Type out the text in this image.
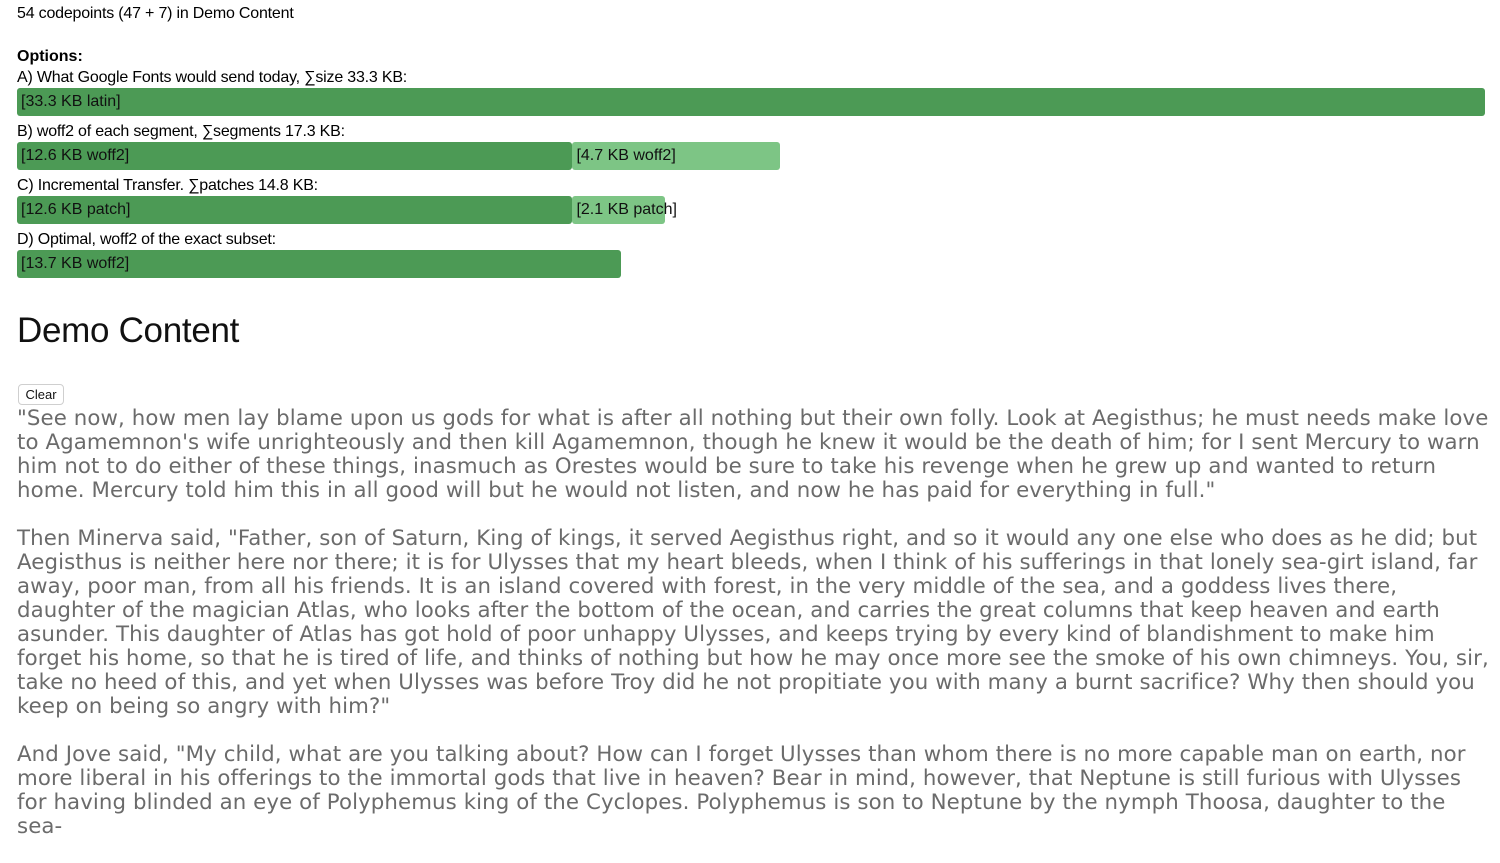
54 codepoints (47 + 7) in Demo Content
Options:
A) What Google Fonts would send today, ∑size 33.3 KB:
[33.3 KB latin]
B) woff2 of each segment, ∑segments 17.3 KB:
[12.6 KB woff2]	[4.7 KB woff2]
C) Incremental Transfer. ∑patches 14.8 KB:
[12.6 KB patch]	[2.1 KB patch]
D) Optimal, woff2 of the exact subset:
[13.7 KB woff2]
Demo Content
Clear

"See now, how men lay blame upon us gods for what is after all nothing but their own folly. Look at Aegisthus; he must needs make love to Agamemnon's wife unrighteously and then kill Agamemnon, though he knew it would be the death of him; for I sent Mercury to warn him not to do either of these things, inasmuch as Orestes would be sure to take his revenge when he grew up and wanted to return home. Mercury told him this in all good will but he would not listen, and now he has paid for everything in full."

Then Minerva said, "Father, son of Saturn, King of kings, it served Aegisthus right, and so it would any one else who does as he did; but Aegisthus is neither here nor there; it is for Ulysses that my heart bleeds, when I think of his sufferings in that lonely sea-girt island, far away, poor man, from all his friends. It is an island covered with forest, in the very middle of the sea, and a goddess lives there, daughter of the magician Atlas, who looks after the bottom of the ocean, and carries the great columns that keep heaven and earth asunder. This daughter of Atlas has got hold of poor unhappy Ulysses, and keeps trying by every kind of blandishment to make him forget his home, so that he is tired of life, and thinks of nothing but how he may once more see the smoke of his own chimneys. You, sir, take no heed of this, and yet when Ulysses was before Troy did he not propitiate you with many a burnt sacrifice? Why then should you keep on being so angry with him?"

And Jove said, "My child, what are you talking about? How can I forget Ulysses than whom there is no more capable man on earth, nor more liberal in his offerings to the immortal gods that live in heaven? Bear in mind, however, that Neptune is still furious with Ulysses for having blinded an eye of Polyphemus king of the Cyclopes. Polyphemus is son to Neptune by the nymph Thoosa, daughter to the sea-
